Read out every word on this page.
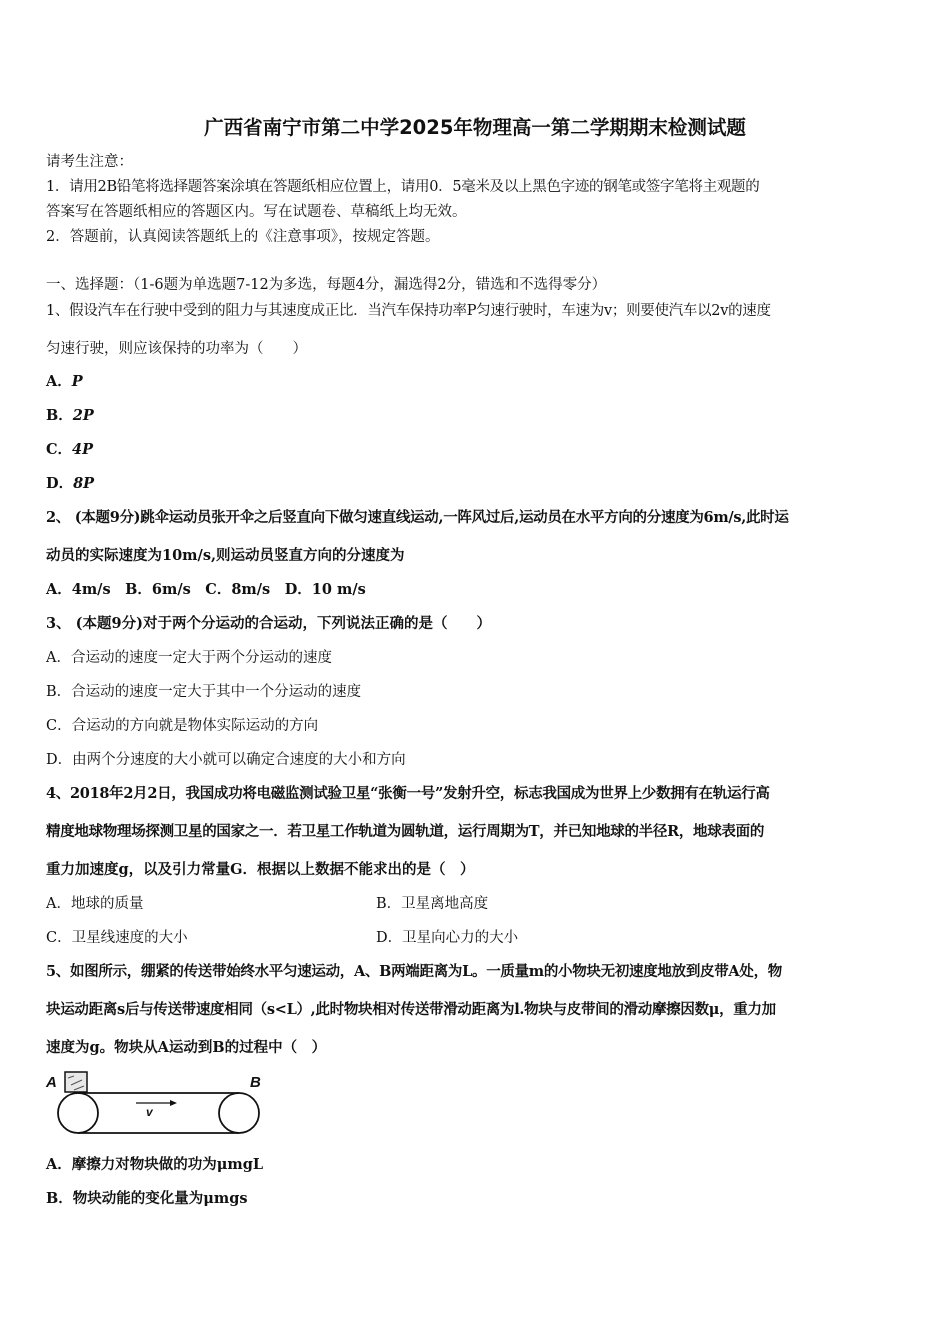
广西省南宁市第二中学2025年物理高一第二学期期末检测试题
请考生注意：
1．请用2B铅笔将选择题答案涂填在答题纸相应位置上，请用0．5毫米及以上黑色字迹的钢笔或签字笔将主观题的
答案写在答题纸相应的答题区内。写在试题卷、草稿纸上均无效。
2．答题前，认真阅读答题纸上的《注意事项》，按规定答题。
一、选择题：（1-6题为单选题7-12为多选，每题4分，漏选得2分，错选和不选得零分）
1、假设汽车在行驶中受到的阻力与其速度成正比．当汽车保持功率P匀速行驶时，车速为v；则要使汽车以2v的速度
匀速行驶，则应该保持的功率为（　　）
A．P
B．2P
C．4P
D．8P
2、 (本题9分)跳伞运动员张开伞之后竖直向下做匀速直线运动,一阵风过后,运动员在水平方向的分速度为6m/s,此时运
动员的实际速度为10m/s,则运动员竖直方向的分速度为
A．4m/s　B．6m/s　C．8m/s　D．10 m/s
3、 (本题9分)对于两个分运动的合运动，下列说法正确的是（　　）
A．合运动的速度一定大于两个分运动的速度
B．合运动的速度一定大于其中一个分运动的速度
C．合运动的方向就是物体实际运动的方向
D．由两个分速度的大小就可以确定合速度的大小和方向
4、2018年2月2日，我国成功将电磁监测试验卫星“张衡一号”发射升空，标志我国成为世界上少数拥有在轨运行高
精度地球物理场探测卫星的国家之一．若卫星工作轨道为圆轨道，运行周期为T，并已知地球的半径R，地球表面的
重力加速度g，以及引力常量G．根据以上数据不能求出的是（　）
A．地球的质量	B．卫星离地高度
C．卫星线速度的大小	D．卫星向心力的大小
5、如图所示，绷紧的传送带始终水平匀速运动，A、B两端距离为L。一质量m的小物块无初速度地放到皮带A处，物
块运动距离s后与传送带速度相同（s<L）,此时物块相对传送带滑动距离为l.物块与皮带间的滑动摩擦因数μ，重力加
速度为g。物块从A运动到B的过程中（　）
A	B
v
A．摩擦力对物块做的功为μmgL
B．物块动能的变化量为μmgs
